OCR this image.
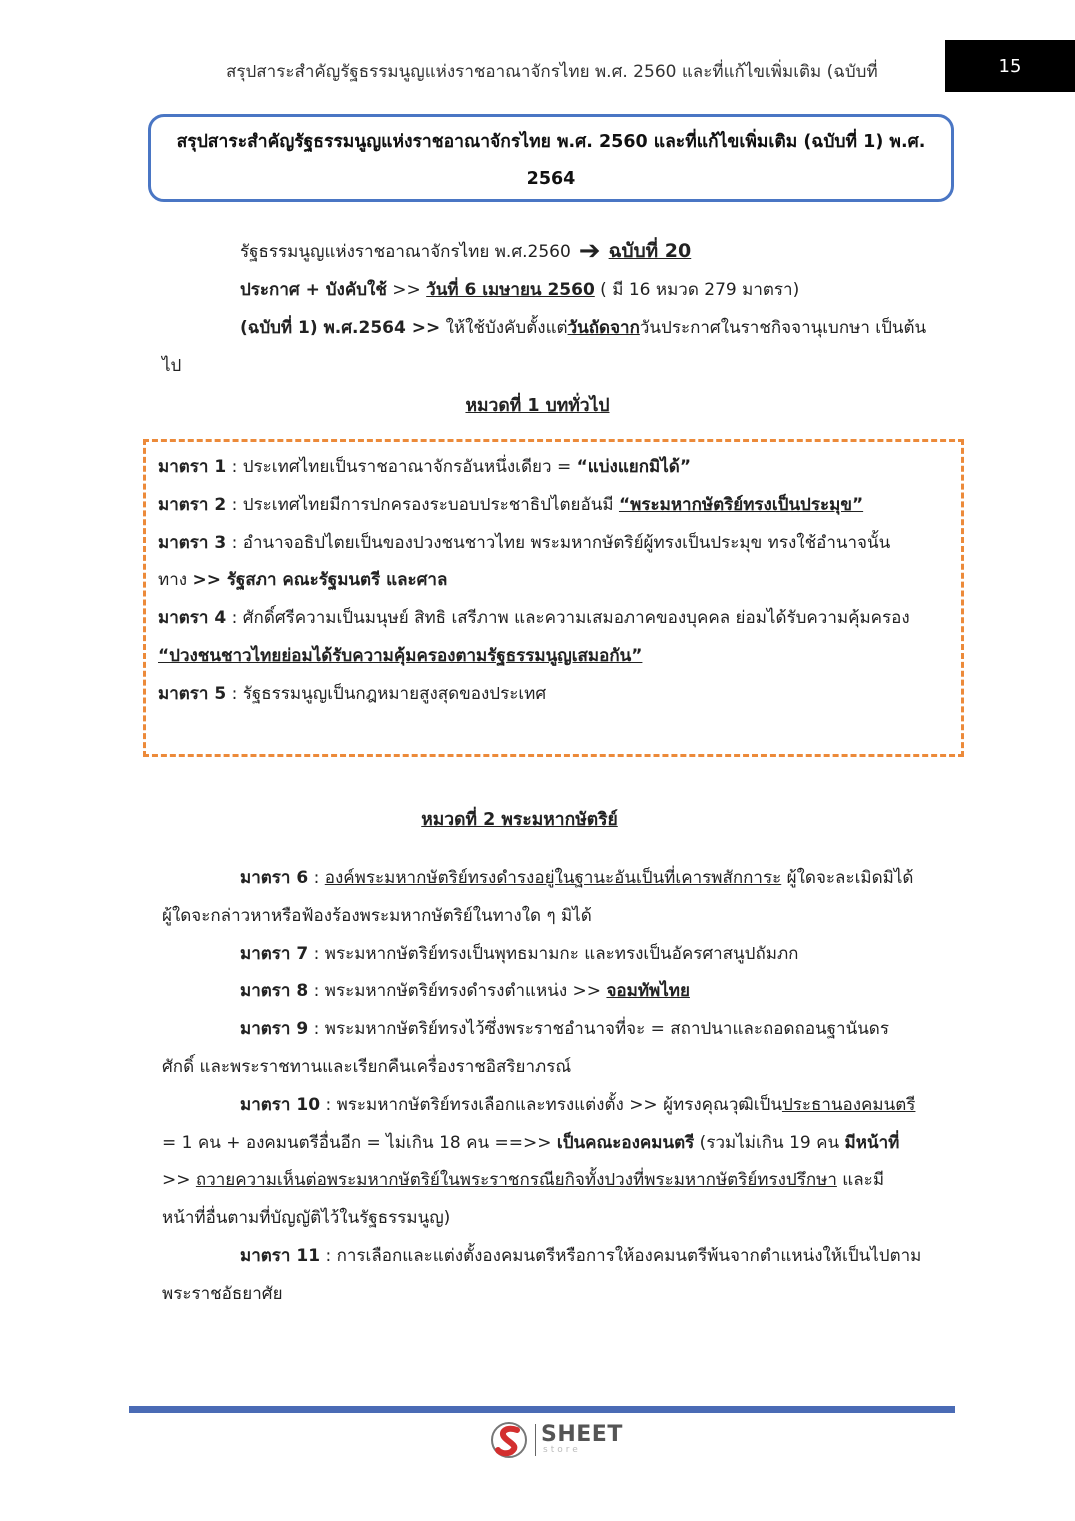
สรุปสาระสำคัญรัฐธรรมนูญแห่งราชอาณาจักรไทย พ.ศ. 2560 และที่แก้ไขเพิ่มเติม (ฉบับที่	15
สรุปสาระสำคัญรัฐธรรมนูญแห่งราชอาณาจักรไทย พ.ศ. 2560 และที่แก้ไขเพิ่มเติม (ฉบับที่ 1) พ.ศ.
2564
รัฐธรรมนูญแห่งราชอาณาจักรไทย พ.ศ.2560 ➔ ฉบับที่ 20
ประกาศ + บังคับใช้ >> วันที่ 6 เมษายน 2560 ( มี 16 หมวด 279 มาตรา)
(ฉบับที่ 1) พ.ศ.2564 >> ให้ใช้บังคับตั้งแต่วันถัดจากวันประกาศในราชกิจจานุเบกษา เป็นต้น
ไป
หมวดที่ 1 บททั่วไป
มาตรา 1 : ประเทศไทยเป็นราชอาณาจักรอันหนึ่งเดียว = “แบ่งแยกมิได้”
มาตรา 2 : ประเทศไทยมีการปกครองระบอบประชาธิปไตยอันมี “พระมหากษัตริย์ทรงเป็นประมุข”
มาตรา 3 : อำนาจอธิปไตยเป็นของปวงชนชาวไทย พระมหากษัตริย์ผู้ทรงเป็นประมุข ทรงใช้อำนาจนั้น
ทาง >> รัฐสภา คณะรัฐมนตรี และศาล
มาตรา 4 : ศักดิ์ศรีความเป็นมนุษย์ สิทธิ เสรีภาพ และความเสมอภาคของบุคคล ย่อมได้รับความคุ้มครอง
“ปวงชนชาวไทยย่อมได้รับความคุ้มครองตามรัฐธรรมนูญเสมอกัน”
มาตรา 5 : รัฐธรรมนูญเป็นกฎหมายสูงสุดของประเทศ
หมวดที่ 2 พระมหากษัตริย์
มาตรา 6 : องค์พระมหากษัตริย์ทรงดำรงอยู่ในฐานะอันเป็นที่เคารพสักการะ ผู้ใดจะละเมิดมิได้
ผู้ใดจะกล่าวหาหรือฟ้องร้องพระมหากษัตริย์ในทางใด ๆ มิได้
มาตรา 7 : พระมหากษัตริย์ทรงเป็นพุทธมามกะ และทรงเป็นอัครศาสนูปถัมภก
มาตรา 8 : พระมหากษัตริย์ทรงดำรงตำแหน่ง >> จอมทัพไทย
มาตรา 9 : พระมหากษัตริย์ทรงไว้ซึ่งพระราชอำนาจที่จะ = สถาปนาและถอดถอนฐานันดร
ศักดิ์ และพระราชทานและเรียกคืนเครื่องราชอิสริยาภรณ์
มาตรา 10 : พระมหากษัตริย์ทรงเลือกและทรงแต่งตั้ง >> ผู้ทรงคุณวุฒิเป็นประธานองคมนตรี
= 1 คน + องคมนตรีอื่นอีก = ไม่เกิน 18 คน ==>> เป็นคณะองคมนตรี (รวมไม่เกิน 19 คน มีหน้าที่
>> ถวายความเห็นต่อพระมหากษัตริย์ในพระราชกรณียกิจทั้งปวงที่พระมหากษัตริย์ทรงปรึกษา และมี
หน้าที่อื่นตามที่บัญญัติไว้ในรัฐธรรมนูญ)
มาตรา 11 : การเลือกและแต่งตั้งองคมนตรีหรือการให้องคมนตรีพ้นจากตำแหน่งให้เป็นไปตาม
พระราชอัธยาศัย
SHEET
store
